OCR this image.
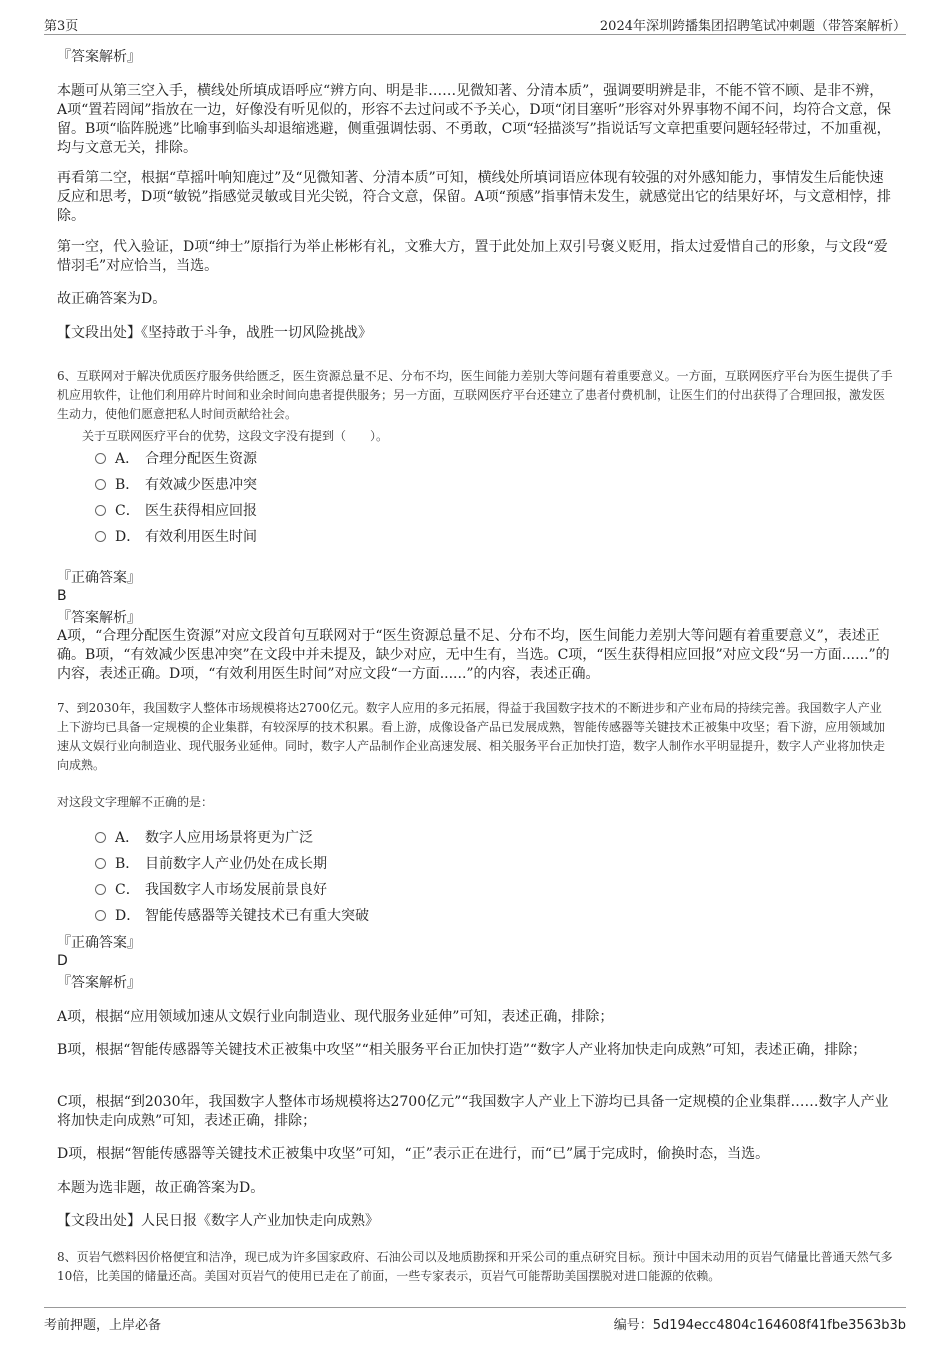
第3页	2024年深圳跨播集团招聘笔试冲刺题（带答案解析）

『答案解析』

本题可从第三空入手，横线处所填成语呼应“辨方向、明是非……见微知著、分清本质”，强调要明辨是非，不能不管不顾、是非不辨，A项“置若罔闻”指放在一边，好像没有听见似的，形容不去过问或不予关心，D项“闭目塞听”形容对外界事物不闻不问，均符合文意，保留。B项“临阵脱逃”比喻事到临头却退缩逃避，侧重强调怯弱、不勇敢，C项“轻描淡写”指说话写文章把重要问题轻轻带过，不加重视，均与文意无关，排除。

再看第二空，根据“草摇叶响知鹿过”及“见微知著、分清本质”可知，横线处所填词语应体现有较强的对外感知能力，事情发生后能快速反应和思考，D项“敏锐”指感觉灵敏或目光尖锐，符合文意，保留。A项“预感”指事情未发生，就感觉出它的结果好坏，与文意相悖，排除。

第一空，代入验证，D项“绅士”原指行为举止彬彬有礼，文雅大方，置于此处加上双引号褒义贬用，指太过爱惜自己的形象，与文段“爱惜羽毛”对应恰当，当选。

故正确答案为D。

【文段出处】《坚持敢于斗争，战胜一切风险挑战》

6、互联网对于解决优质医疗服务供给匮乏，医生资源总量不足、分布不均，医生间能力差别大等问题有着重要意义。一方面，互联网医疗平台为医生提供了手机应用软件，让他们利用碎片时间和业余时间向患者提供服务；另一方面，互联网医疗平台还建立了患者付费机制，让医生们的付出获得了合理回报，激发医生动力，使他们愿意把私人时间贡献给社会。

关于互联网医疗平台的优势，这段文字没有提到（　　）。

A． 合理分配医生资源
B． 有效减少医患冲突
C． 医生获得相应回报
D． 有效利用医生时间

『正确答案』

B

『答案解析』

A项，“合理分配医生资源”对应文段首句互联网对于“医生资源总量不足、分布不均，医生间能力差别大等问题有着重要意义”，表述正确。B项，“有效减少医患冲突”在文段中并未提及，缺少对应，无中生有，当选。C项，“医生获得相应回报”对应文段“另一方面......”的内容，表述正确。D项，“有效利用医生时间”对应文段“一方面......”的内容，表述正确。

7、到2030年，我国数字人整体市场规模将达2700亿元。数字人应用的多元拓展，得益于我国数字技术的不断进步和产业布局的持续完善。我国数字人产业上下游均已具备一定规模的企业集群，有较深厚的技术积累。看上游，成像设备产品已发展成熟，智能传感器等关键技术正被集中攻坚；看下游，应用领域加速从文娱行业向制造业、现代服务业延伸。同时，数字人产品制作企业高速发展、相关服务平台正加快打造，数字人制作水平明显提升，数字人产业将加快走向成熟。

对这段文字理解不正确的是：

A． 数字人应用场景将更为广泛
B． 目前数字人产业仍处在成长期
C． 我国数字人市场发展前景良好
D． 智能传感器等关键技术已有重大突破

『正确答案』

D

『答案解析』

A项，根据“应用领域加速从文娱行业向制造业、现代服务业延伸”可知，表述正确，排除；

B项，根据“智能传感器等关键技术正被集中攻坚”“相关服务平台正加快打造”“数字人产业将加快走向成熟”可知，表述正确，排除；

C项，根据“到2030年，我国数字人整体市场规模将达2700亿元”“我国数字人产业上下游均已具备一定规模的企业集群……数字人产业将加快走向成熟”可知，表述正确，排除；

D项，根据“智能传感器等关键技术正被集中攻坚”可知，“正”表示正在进行，而“已”属于完成时，偷换时态，当选。

本题为选非题，故正确答案为D。

【文段出处】人民日报《数字人产业加快走向成熟》

8、页岩气燃料因价格便宜和洁净，现已成为许多国家政府、石油公司以及地质勘探和开采公司的重点研究目标。预计中国未动用的页岩气储量比普通天然气多10倍，比美国的储量还高。美国对页岩气的使用已走在了前面，一些专家表示，页岩气可能帮助美国摆脱对进口能源的依赖。

考前押题，上岸必备	编号：5d194ecc4804c164608f41fbe3563b3b
